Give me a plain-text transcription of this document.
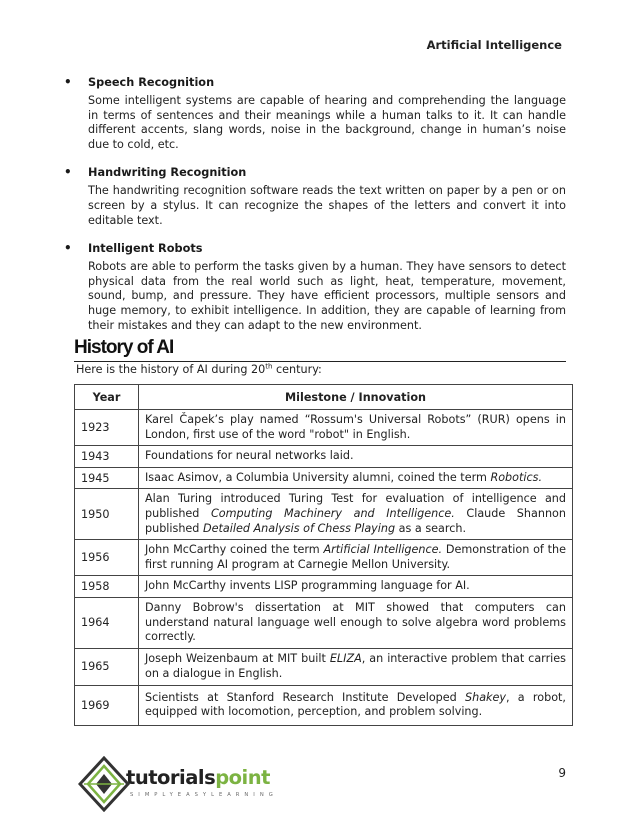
Artificial Intelligence
•	Speech Recognition

Some intelligent systems are capable of hearing and comprehending the language in terms of sentences and their meanings while a human talks to it. It can handle different accents, slang words, noise in the background, change in human’s noise due to cold, etc.

•	Handwriting Recognition

The handwriting recognition software reads the text written on paper by a pen or on screen by a stylus. It can recognize the shapes of the letters and convert it into editable text.

•	Intelligent Robots

Robots are able to perform the tasks given by a human. They have sensors to detect physical data from the real world such as light, heat, temperature, movement, sound, bump, and pressure. They have efficient processors, multiple sensors and huge memory, to exhibit intelligence. In addition, they are capable of learning from their mistakes and they can adapt to the new environment.

History of AI

Here is the history of AI during 20th century:

Year	Milestone / Innovation
1923	Karel Čapek’s play named “Rossum's Universal Robots” (RUR) opens in London, first use of the word "robot" in English.
1943	Foundations for neural networks laid.
1945	Isaac Asimov, a Columbia University alumni, coined the term Robotics.
1950	Alan Turing introduced Turing Test for evaluation of intelligence and published Computing Machinery and Intelligence. Claude Shannon published Detailed Analysis of Chess Playing as a search.
1956	John McCarthy coined the term Artificial Intelligence. Demonstration of the first running AI program at Carnegie Mellon University.
1958	John McCarthy invents LISP programming language for AI.
1964	Danny Bobrow's dissertation at MIT showed that computers can understand natural language well enough to solve algebra word problems correctly.
1965	Joseph Weizenbaum at MIT built ELIZA, an interactive problem that carries on a dialogue in English.
1969	Scientists at Stanford Research Institute Developed Shakey, a robot, equipped with locomotion, perception, and problem solving.
tutorialspoint
SIMPLYEASYLEARNING
9
